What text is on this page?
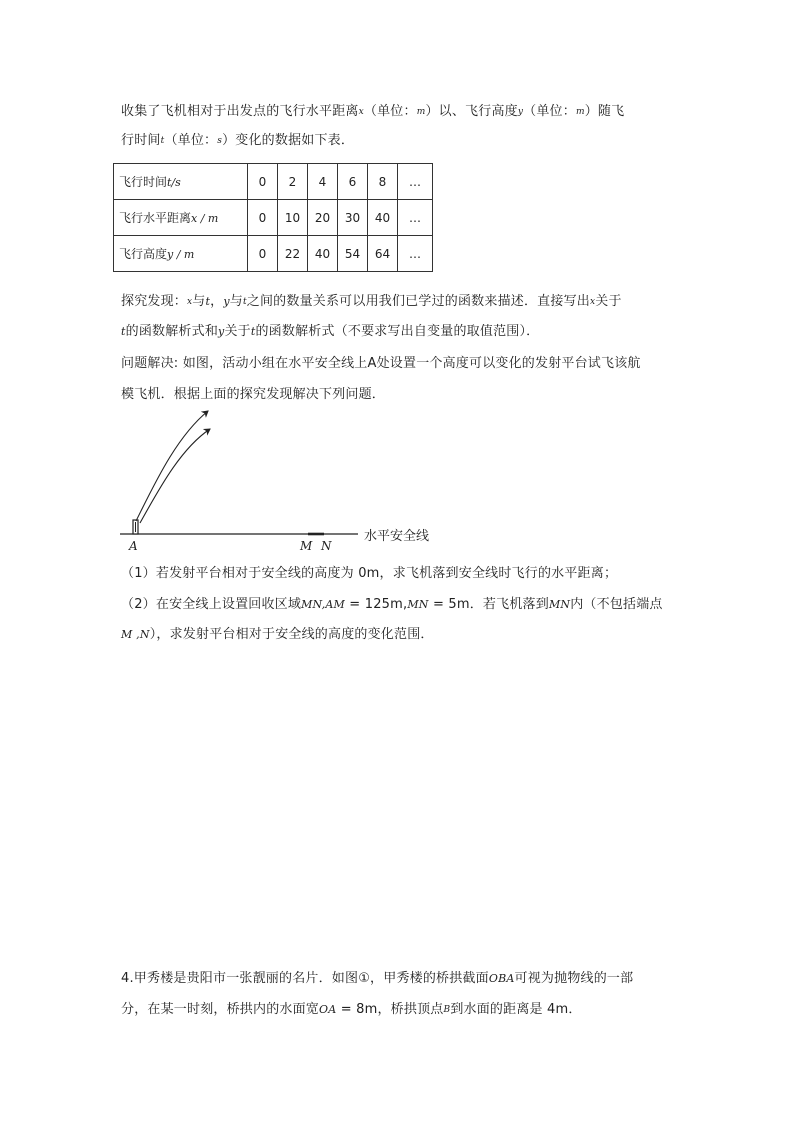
收集了飞机相对于出发点的飞行水平距离x（单位：m）以、飞行高度y（单位：m）随飞
行时间t（单位：s）变化的数据如下表．
飞行时间t/s	0	2	4	6	8	…
飞行水平距离x / m	0	10	20	30	40	…
飞行高度y / m	0	22	40	54	64	…
探究发现：x与t，y与t之间的数量关系可以用我们已学过的函数来描述．直接写出x关于
t的函数解析式和y关于t的函数解析式（不要求写出自变量的取值范围）．
问题解决: 如图，活动小组在水平安全线上A处设置一个高度可以变化的发射平台试飞该航
模飞机．根据上面的探究发现解决下列问题．
A	M N
水平安全线
（1）若发射平台相对于安全线的高度为 0m，求飞机落到安全线时飞行的水平距离；
（2）在安全线上设置回收区域MN,AM = 125m,MN = 5m．若飞机落到MN内（不包括端点
M ,N），求发射平台相对于安全线的高度的变化范围．
4.甲秀楼是贵阳市一张靓丽的名片．如图①，甲秀楼的桥拱截面OBA可视为抛物线的一部
分，在某一时刻，桥拱内的水面宽OA = 8m，桥拱顶点B到水面的距离是 4m．
